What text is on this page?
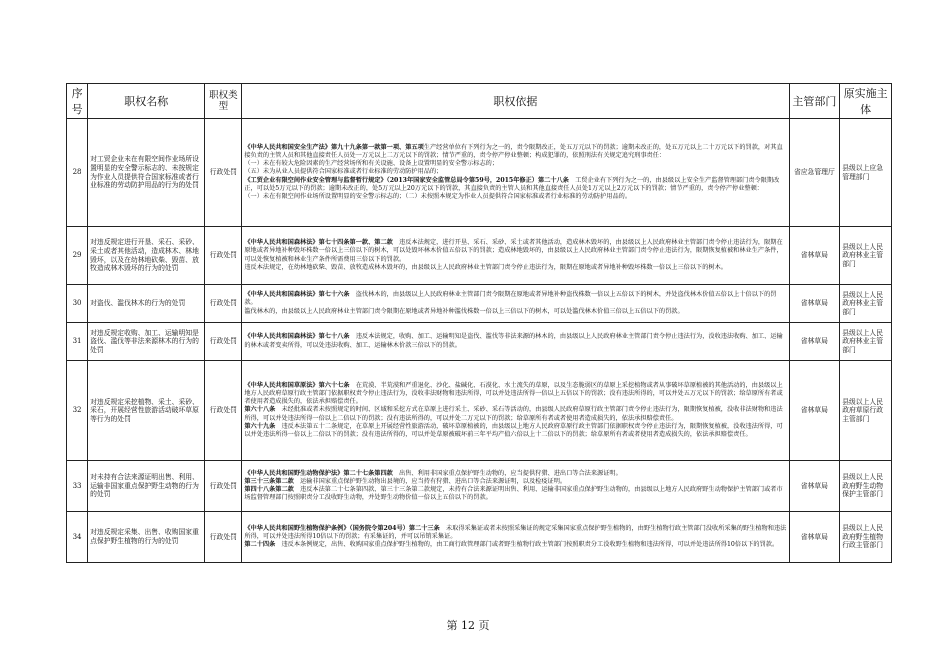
序号	职权名称	职权类型	职权依据	主管部门	原实施主体
28	对工贸企业未在有限空间作业场所设置明显的安全警示标志的、未按规定为作业人员提供符合国家标准或者行业标准的劳动防护用品的行为的处罚	行政处罚	《中华人民共和国安全生产法》第九十九条第一款第一项、第五项生产经营单位有下列行为之一的，责令限期改正，处五万元以下的罚款；逾期未改正的，处五万元以上二十万元以下的罚款，对其直接负责的主管人员和其他直接责任人员处一万元以上二万元以下的罚款；情节严重的，责令停产停业整顿；构成犯罪的，依照刑法有关规定追究刑事责任：

（一）未在有较大危险因素的生产经营场所和有关设施、设备上设置明显的安全警示标志的；

（五）未为从业人员提供符合国家标准或者行业标准的劳动防护用品的；

《工贸企业有限空间作业安全管理与监督暂行规定》（2013年国家安全监管总局令第59号，2015年修正）第二十八条　工贸企业有下列行为之一的，由县级以上安全生产监督管理部门责令限期改正，可以处5万元以下的罚款；逾期未改正的，处5万元以上20万元以下的罚款，其直接负责的主管人员和其他直接责任人员处1万元以上2万元以下的罚款；情节严重的，责令停产停业整顿：

（一）未在有限空间作业场所设置明显的安全警示标志的；（二）未按照本规定为作业人员提供符合国家标准或者行业标准的劳动防护用品的。	省应急管理厅	县级以上应急管理部门
29	对违反规定进行开垦、采石、采砂、采土或者其他活动，造成林木、林地毁坏，以及在幼林地砍柴、毁苗、放牧造成林木毁坏的行为的处罚	行政处罚	《中华人民共和国森林法》第七十四条第一款、第二款　违反本法规定，进行开垦、采石、采砂、采土或者其他活动，造成林木毁坏的，由县级以上人民政府林业主管部门责令停止违法行为，限期在原地或者异地补种毁坏株数一倍以上三倍以下的树木，可以处毁坏林木价值五倍以下的罚款；造成林地毁坏的，由县级以上人民政府林业主管部门责令停止违法行为，限期恢复植被和林业生产条件，可以处恢复植被和林业生产条件所需费用三倍以下的罚款。

违反本法规定，在幼林地砍柴、毁苗、放牧造成林木毁坏的，由县级以上人民政府林业主管部门责令停止违法行为，限期在原地或者异地补种毁坏株数一倍以上三倍以下的树木。	省林草局	县级以上人民政府林业主管部门
30	对盗伐、滥伐林木的行为的处罚	行政处罚	《中华人民共和国森林法》第七十六条　盗伐林木的，由县级以上人民政府林业主管部门责令限期在原地或者异地补种盗伐株数一倍以上五倍以下的树木，并处盗伐林木价值五倍以上十倍以下的罚款。

滥伐林木的，由县级以上人民政府林业主管部门责令限期在原地或者异地补种滥伐株数一倍以上三倍以下的树木，可以处滥伐林木价值三倍以上五倍以下的罚款。	省林草局	县级以上人民政府林业主管部门
31	对违反规定收购、加工、运输明知是盗伐、滥伐等非法来源林木的行为的处罚	行政处罚	《中华人民共和国森林法》第七十八条　违反本法规定，收购、加工、运输明知是盗伐、滥伐等非法来源的林木的，由县级以上人民政府林业主管部门责令停止违法行为，没收违法收购、加工、运输的林木或者变卖所得，可以处违法收购、加工、运输林木价款三倍以下的罚款。	省林草局	县级以上人民政府林业主管部门
32	对违反规定采挖植物、采土、采砂、采石，开展经营性旅游活动破坏草原等行为的处罚	行政处罚	《中华人民共和国草原法》第六十七条　在荒漠、半荒漠和严重退化、沙化、盐碱化、石漠化、水土流失的草原，以及生态脆弱区的草原上采挖植物或者从事破坏草原植被的其他活动的，由县级以上地方人民政府草原行政主管部门依据职权责令停止违法行为，没收非法财物和违法所得，可以并处违法所得一倍以上五倍以下的罚款；没有违法所得的，可以并处五万元以下的罚款；给草原所有者或者使用者造成损失的，依法承担赔偿责任。

第六十八条　未经批准或者未按照规定的时间、区域和采挖方式在草原上进行采土、采砂、采石等活动的，由县级人民政府草原行政主管部门责令停止违法行为，限期恢复植被，没收非法财物和违法所得，可以并处违法所得一倍以上二倍以下的罚款；没有违法所得的，可以并处二万元以下的罚款；给草原所有者或者使用者造成损失的，依法承担赔偿责任。

第六十九条　违反本法第五十二条规定，在草原上开展经营性旅游活动，破坏草原植被的，由县级以上地方人民政府草原行政主管部门依据职权责令停止违法行为，限期恢复植被，没收违法所得，可以并处违法所得一倍以上二倍以下的罚款；没有违法所得的，可以并处草原被破坏前三年平均产值六倍以上十二倍以下的罚款；给草原所有者或者使用者造成损失的，依法承担赔偿责任。	省林草局	县级以上人民政府草原行政主管部门
33	对未持有合法来源证明出售、利用、运输非国家重点保护野生动物的行为的处罚	行政处罚	《中华人民共和国野生动物保护法》第二十七条第四款　出售、利用非国家重点保护野生动物的，应当提供狩猎、进出口等合法来源证明。

第三十三条第二款　运输非国家重点保护野生动物出县境的，应当持有狩猎、进出口等合法来源证明，以及检疫证明。

第四十八条第二款　违反本法第二十七条第四款、第三十三条第二款规定，未持有合法来源证明出售、利用、运输非国家重点保护野生动物的，由县级以上地方人民政府野生动物保护主管部门或者市场监督管理部门按照职责分工没收野生动物，并处野生动物价值一倍以上五倍以下的罚款。	省林草局	县级以上人民政府野生动物保护主管部门
34	对违反规定采集、出售、收购国家重点保护野生植物的行为的处罚	行政处罚	《中华人民共和国野生植物保护条例》（国务院令第204号）第二十三条　未取得采集证或者未按照采集证的规定采集国家重点保护野生植物的，由野生植物行政主管部门没收所采集的野生植物和违法所得，可以并处违法所得10倍以下的罚款；有采集证的，并可以吊销采集证。

第二十四条　违反本条例规定，出售、收购国家重点保护野生植物的，由工商行政管理部门或者野生植物行政主管部门按照职责分工没收野生植物和违法所得，可以并处违法所得10倍以下的罚款。	省林草局	县级以上人民政府野生植物行政主管部门
第 12 页
